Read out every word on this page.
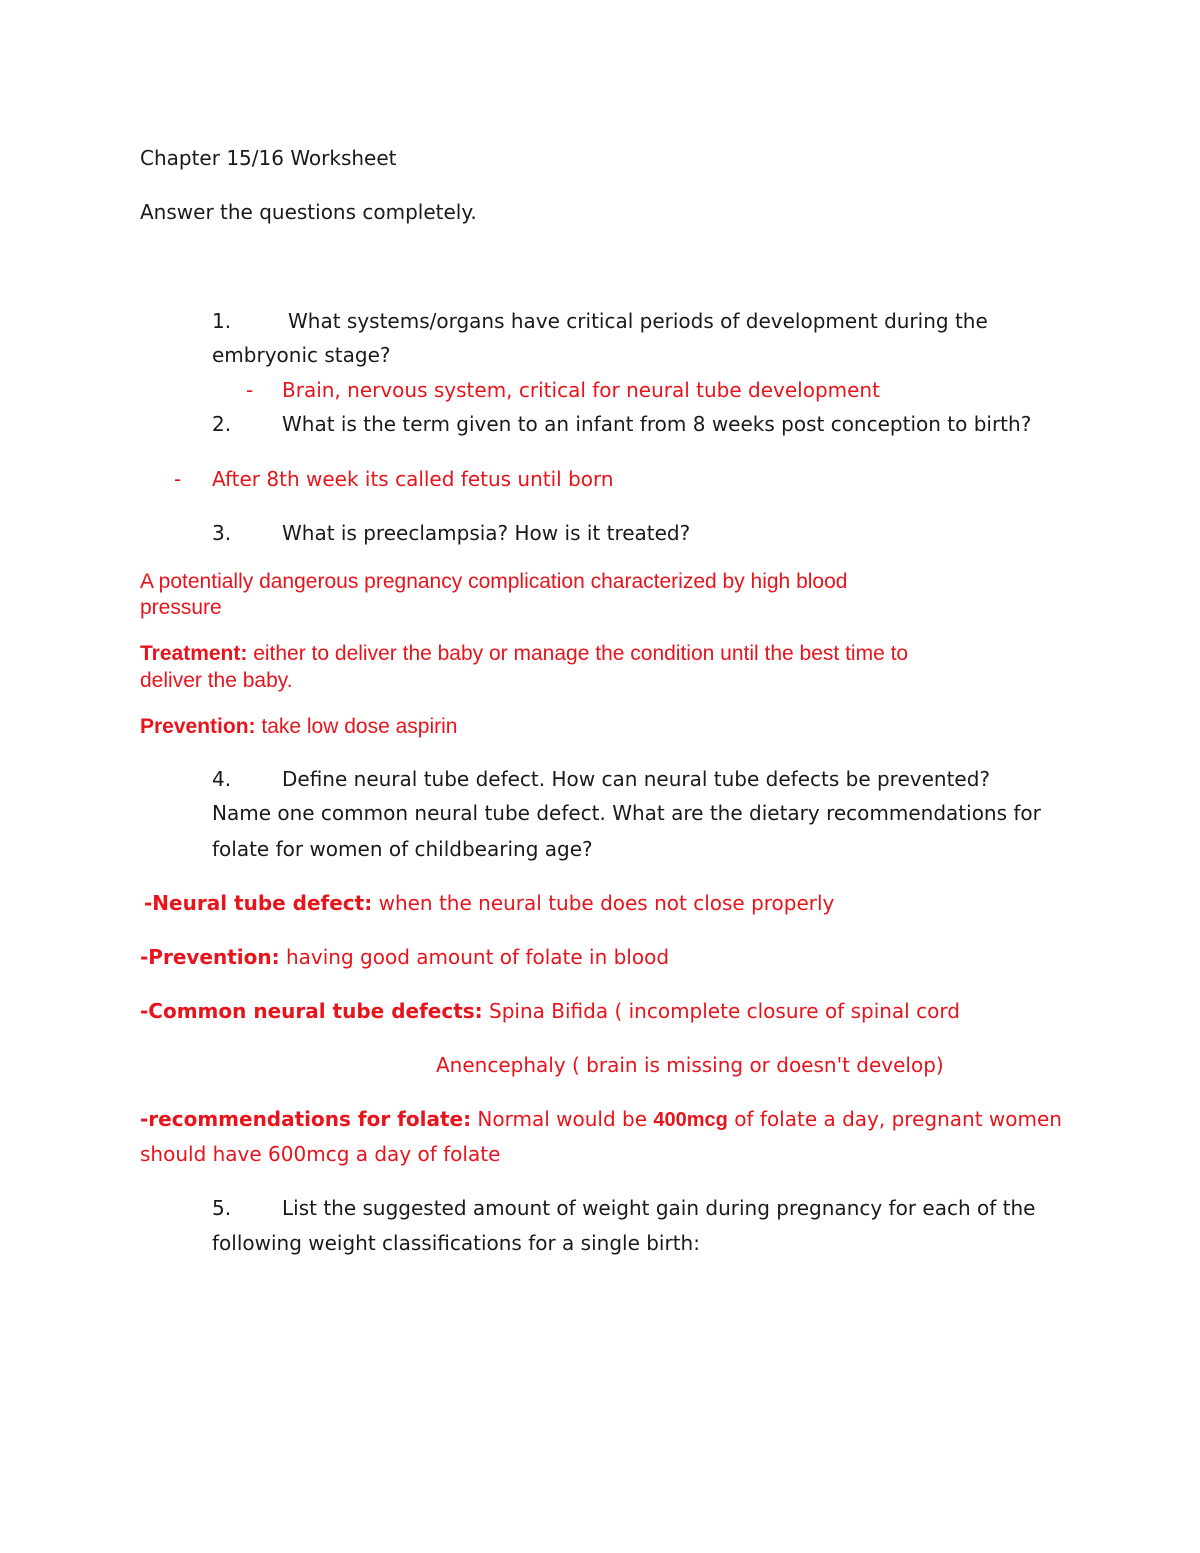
Chapter 15/16 Worksheet
Answer the questions completely.
1.	What systems/organs have critical periods of development during the
embryonic stage?
- Brain, nervous system, critical for neural tube development
2.	What is the term given to an infant from 8 weeks post conception to birth?
- After 8th week its called fetus until born
3.	What is preeclampsia? How is it treated?
A potentially dangerous pregnancy complication characterized by high blood
pressure
Treatment: either to deliver the baby or manage the condition until the best time to
deliver the baby.
Prevention: take low dose aspirin
4.	Define neural tube defect. How can neural tube defects be prevented?
Name one common neural tube defect. What are the dietary recommendations for
folate for women of childbearing age?
-Neural tube defect: when the neural tube does not close properly
-Prevention: having good amount of folate in blood
-Common neural tube defects: Spina Bifida ( incomplete closure of spinal cord
Anencephaly ( brain is missing or doesn't develop)
-recommendations for folate: Normal would be 400mcg of folate a day, pregnant women
should have 600mcg a day of folate
5.	List the suggested amount of weight gain during pregnancy for each of the
following weight classifications for a single birth:
